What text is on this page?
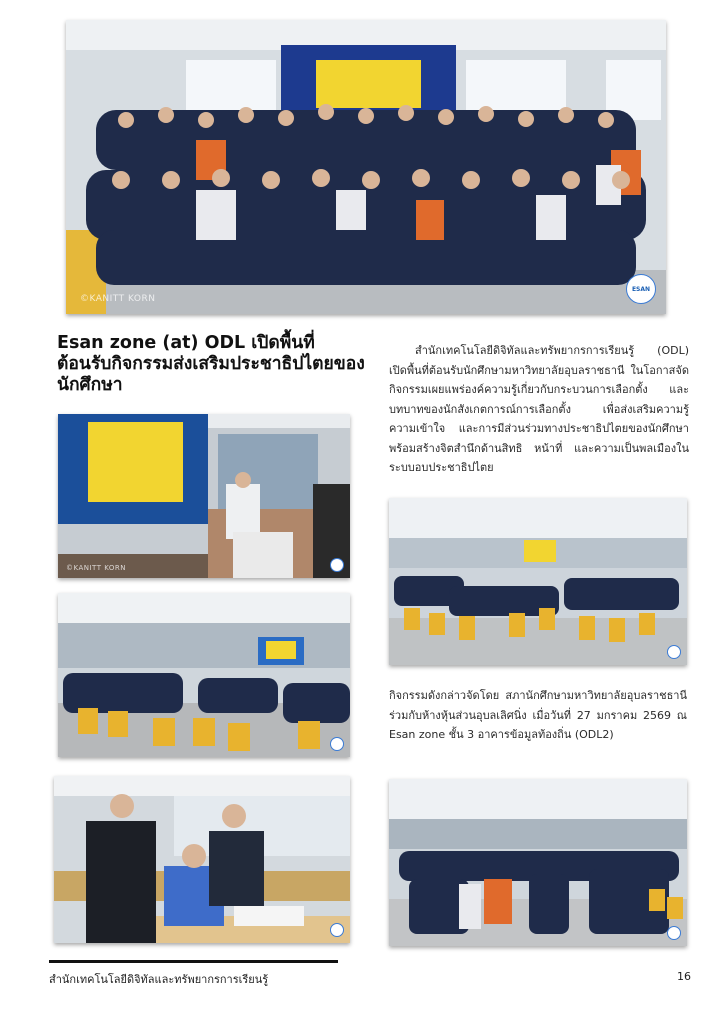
©KANITT KORN
ESAN
Esan zone (at) ODL เปิดพื้นที่ต้อนรับกิจกรรมส่งเสริมประชาธิปไตยของนักศึกษา

สำนักเทคโนโลยีดิจิทัลและทรัพยากรการเรียนรู้ (ODL) เปิดพื้นที่ต้อนรับนักศึกษามหาวิทยาลัยอุบลราชธานี ในโอกาสจัดกิจกรรมเผยแพร่องค์ความรู้เกี่ยวกับกระบวนการเลือกตั้ง และบทบาทของนักสังเกตการณ์การเลือกตั้ง เพื่อส่งเสริมความรู้ ความเข้าใจ และการมีส่วนร่วมทางประชาธิปไตยของนักศึกษา พร้อมสร้างจิตสำนึกด้านสิทธิ หน้าที่ และความเป็นพลเมืองในระบบอบประชาธิปไตย

©KANITT KORN

กิจกรรมดังกล่าวจัดโดย สภานักศึกษามหาวิทยาลัยอุบลราชธานี ร่วมกับห้างหุ้นส่วนอุบลเลิศนิ่ง เมื่อวันที่ 27 มกราคม 2569 ณ Esan zone ชั้น 3 อาคารข้อมูลท้องถิ่น (ODL2)

สำนักเทคโนโลยีดิจิทัลและทรัพยากรการเรียนรู้	16
